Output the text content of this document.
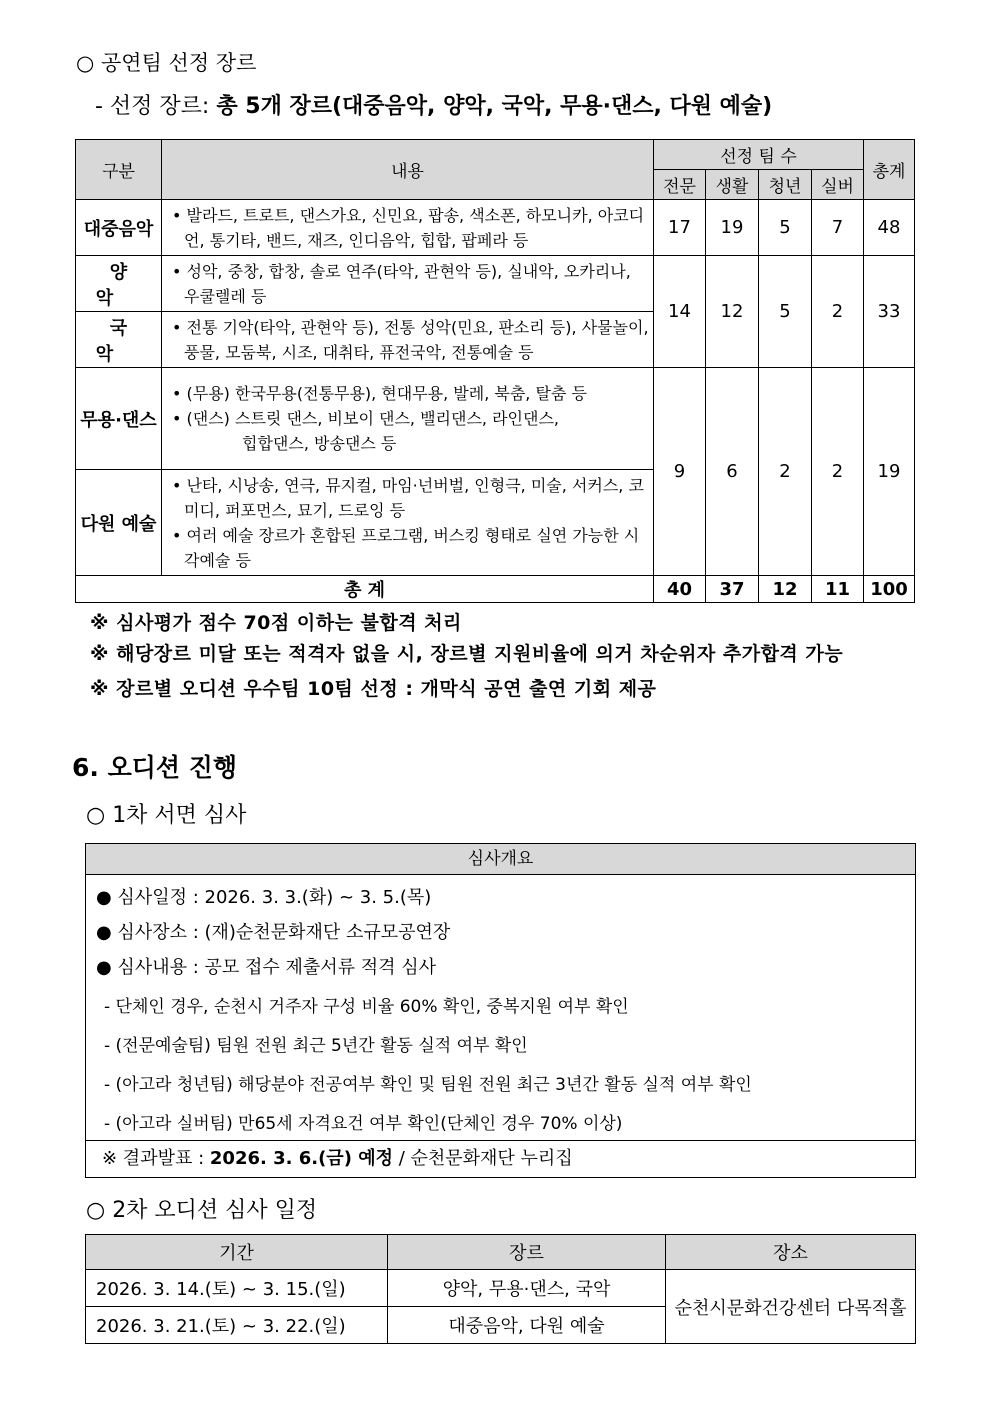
○ 공연팀 선정 장르
- 선정 장르: 총 5개 장르(대중음악, 양악, 국악, 무용·댄스, 다원 예술)
구분	내용	선정 팀 수				총계
		전문	생활	청년	실버	
대중음악	• 발라드, 트로트, 댄스가요, 신민요, 팝송, 색소폰, 하모니카, 아코디언, 통기타, 밴드, 재즈, 인디음악, 힙합, 팝페라 등	17	19	5	7	48
양악	• 성악, 중창, 합창, 솔로 연주(타악, 관현악 등), 실내악, 오카리나, 우쿨렐레 등	14	12	5	2	33
국악	• 전통 기악(타악, 관현악 등), 전통 성악(민요, 판소리 등), 사물놀이, 풍물, 모둠북, 시조, 대취타, 퓨전국악, 전통예술 등					

무용·댄스	• (무용) 한국무용(전통무용), 현대무용, 발레, 북춤, 탈춤 등
• (댄스) 스트릿 댄스, 비보이 댄스, 밸리댄스, 라인댄스,
힙합댄스, 방송댄스 등	9	6	2	2	19
다원 예술	• 난타, 시낭송, 연극, 뮤지컬, 마임·넌버벌, 인형극, 미술, 서커스, 코미디, 퍼포먼스, 묘기, 드로잉 등
• 여러 예술 장르가 혼합된 프로그램, 버스킹 형태로 실연 가능한 시각예술 등					

총 계		40	37	12	11	100
※ 심사평가 점수 70점 이하는 불합격 처리
※ 해당장르 미달 또는 적격자 없을 시, 장르별 지원비율에 의거 차순위자 추가합격 가능
※ 장르별 오디션 우수팀 10팀 선정 : 개막식 공연 출연 기회 제공
6. 오디션 진행
○ 1차 서면 심사
심사개요
● 심사일정 : 2026. 3. 3.(화) ~ 3. 5.(목)
● 심사장소 : (재)순천문화재단 소규모공연장
● 심사내용 : 공모 접수 제출서류 적격 심사
- 단체인 경우, 순천시 거주자 구성 비율 60% 확인, 중복지원 여부 확인
- (전문예술팀) 팀원 전원 최근 5년간 활동 실적 여부 확인
- (아고라 청년팀) 해당분야 전공여부 확인 및 팀원 전원 최근 3년간 활동 실적 여부 확인
- (아고라 실버팀) 만65세 자격요건 여부 확인(단체인 경우 70% 이상)
※ 결과발표 : 2026. 3. 6.(금) 예정 / 순천문화재단 누리집
○ 2차 오디션 심사 일정
기간	장르	장소
2026. 3. 14.(토) ~ 3. 15.(일)	양악, 무용·댄스, 국악	순천시문화건강센터 다목적홀
2026. 3. 21.(토) ~ 3. 22.(일)	대중음악, 다원 예술	
